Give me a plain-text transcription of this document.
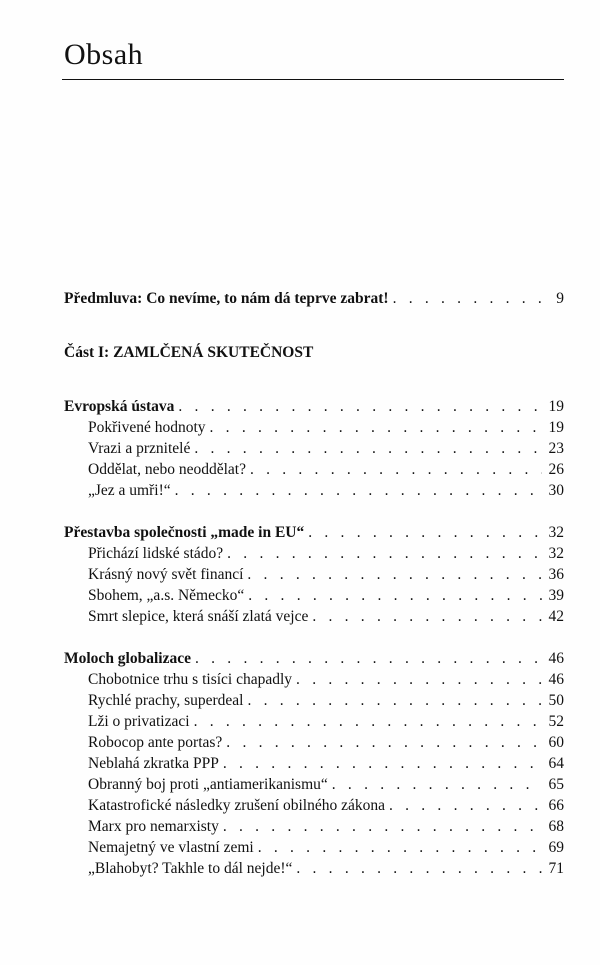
Obsah
Předmluva: Co nevíme, to nám dá teprve zabrat! . . .	9
Část I: ZAMLČENÁ SKUTEČNOST
Evropská ústava . . .	19
Pokřivené hodnoty . . .	19
Vrazi a prznitelé . . .	23
Oddělat, nebo neoddělat? . . .	26
„Jez a umři!“ . . .	30
Přestavba společnosti „made in EU“ . . .	32
Přichází lidské stádo? . . .	32
Krásný nový svět financí . . .	36
Sbohem, „a.s. Německo“ . . .	39
Smrt slepice, která snáší zlatá vejce . . .	42
Moloch globalizace . . .	46
Chobotnice trhu s tisíci chapadly . . .	46
Rychlé prachy, superdeal . . .	50
Lži o privatizaci . . .	52
Robocop ante portas? . . .	60
Neblahá zkratka PPP . . .	64
Obranný boj proti „antiamerikanismu“ . . .	65
Katastrofické následky zrušení obilného zákona . . .	66
Marx pro nemarxisty . . .	68
Nemajetný ve vlastní zemi . . .	69
„Blahobyt? Takhle to dál nejde!“ . . .	71
